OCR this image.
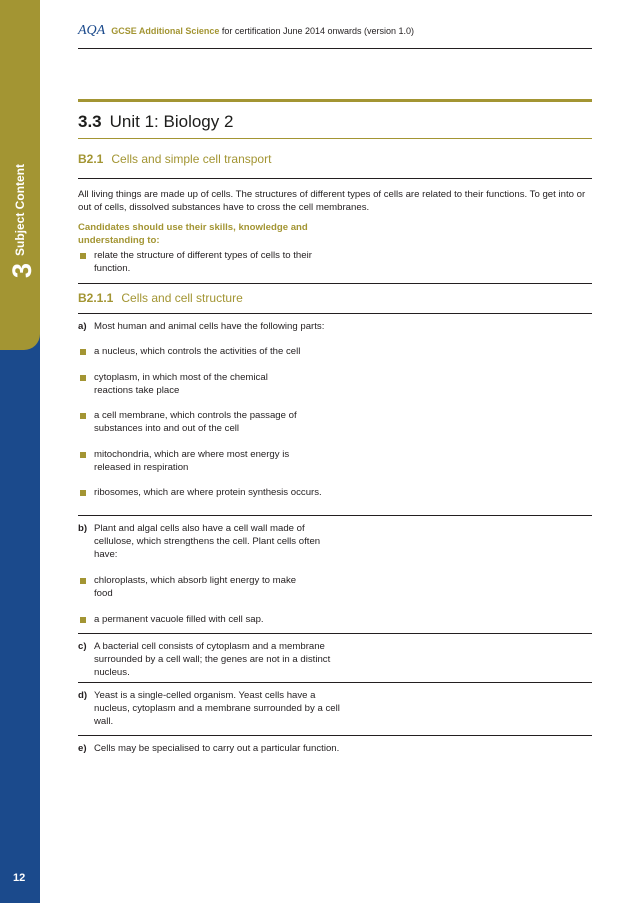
3
Subject Content
12
AQA GCSE Additional Science for certification June 2014 onwards (version 1.0)
3.3 Unit 1: Biology 2
B2.1 Cells and simple cell transport
All living things are made up of cells. The structures of different types of cells are related to their functions. To get into or out of cells, dissolved substances have to cross the cell membranes.
Candidates should use their skills, knowledge and understanding to:
relate the structure of different types of cells to their function.
B2.1.1 Cells and cell structure
a) Most human and animal cells have the following parts:
a nucleus, which controls the activities of the cell
cytoplasm, in which most of the chemical reactions take place
a cell membrane, which controls the passage of substances into and out of the cell
mitochondria, which are where most energy is released in respiration
ribosomes, which are where protein synthesis occurs.
b) Plant and algal cells also have a cell wall made of cellulose, which strengthens the cell. Plant cells often have:
chloroplasts, which absorb light energy to make food
a permanent vacuole filled with cell sap.
c) A bacterial cell consists of cytoplasm and a membrane surrounded by a cell wall; the genes are not in a distinct nucleus.
d) Yeast is a single-celled organism. Yeast cells have a nucleus, cytoplasm and a membrane surrounded by a cell wall.
e) Cells may be specialised to carry out a particular function.
